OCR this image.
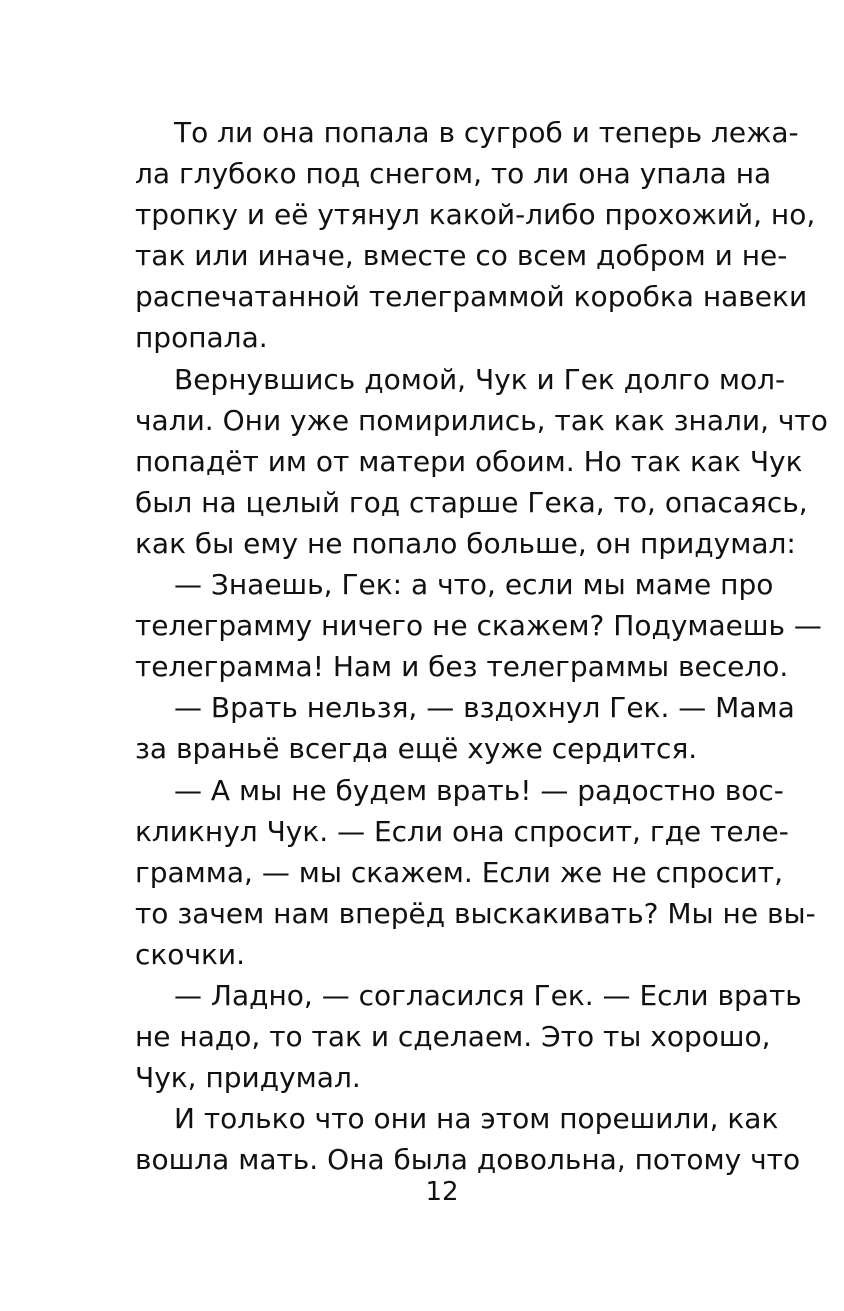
То ли она попала в сугроб и теперь лежа-
ла глубоко под снегом, то ли она упала на
тропку и её утянул какой-либо прохожий, но,
так или иначе, вместе со всем добром и не-
распечатанной телеграммой коробка навеки
пропала.
Вернувшись домой, Чук и Гек долго мол-
чали. Они уже помирились, так как знали, что
попадёт им от матери обоим. Но так как Чук
был на целый год старше Гека, то, опасаясь,
как бы ему не попало больше, он придумал:
— Знаешь, Гек: а что, если мы маме про
телеграмму ничего не скажем? Подумаешь —
телеграмма! Нам и без телеграммы весело.
— Врать нельзя, — вздохнул Гек. — Мама
за враньё всегда ещё хуже сердится.
— А мы не будем врать! — радостно вос-
кликнул Чук. — Если она спросит, где теле-
грамма, — мы скажем. Если же не спросит,
то зачем нам вперёд выскакивать? Мы не вы-
скочки.
— Ладно, — согласился Гек. — Если врать
не надо, то так и сделаем. Это ты хорошо,
Чук, придумал.
И только что они на этом порешили, как
вошла мать. Она была довольна, потому что
12
